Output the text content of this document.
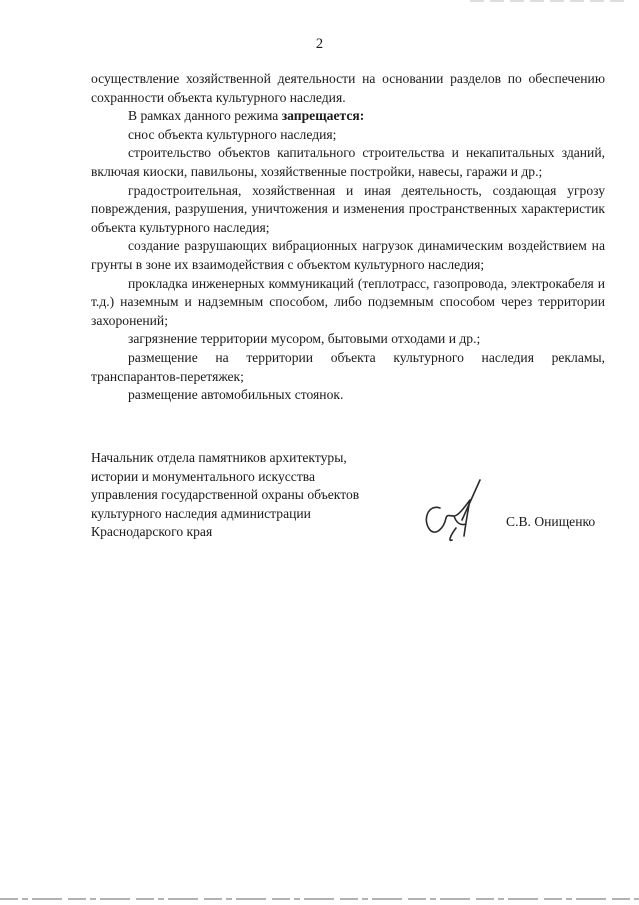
2

осуществление хозяйственной деятельности на основании разделов по обеспечению сохранности объекта культурного наследия.

В рамках данного режима запрещается:

снос объекта культурного наследия;

строительство объектов капитального строительства и некапитальных зданий, включая киоски, павильоны, хозяйственные постройки, навесы, гаражи и др.;

градостроительная, хозяйственная и иная деятельность, создающая угрозу повреждения, разрушения, уничтожения и изменения пространственных характеристик объекта культурного наследия;

создание разрушающих вибрационных нагрузок динамическим воздействием на грунты в зоне их взаимодействия с объектом культурного наследия;

прокладка инженерных коммуникаций (теплотрасс, газопровода, электрокабеля и т.д.) наземным и надземным способом, либо подземным способом через территории захоронений;

загрязнение территории мусором, бытовыми отходами и др.;

размещение на территории объекта культурного наследия рекламы, транспарантов-перетяжек;

размещение автомобильных стоянок.

Начальник отдела памятников архитектуры,
истории и монументального искусства
управления государственной охраны объектов
культурного наследия администрации
Краснодарского края
С.В. Онищенко
